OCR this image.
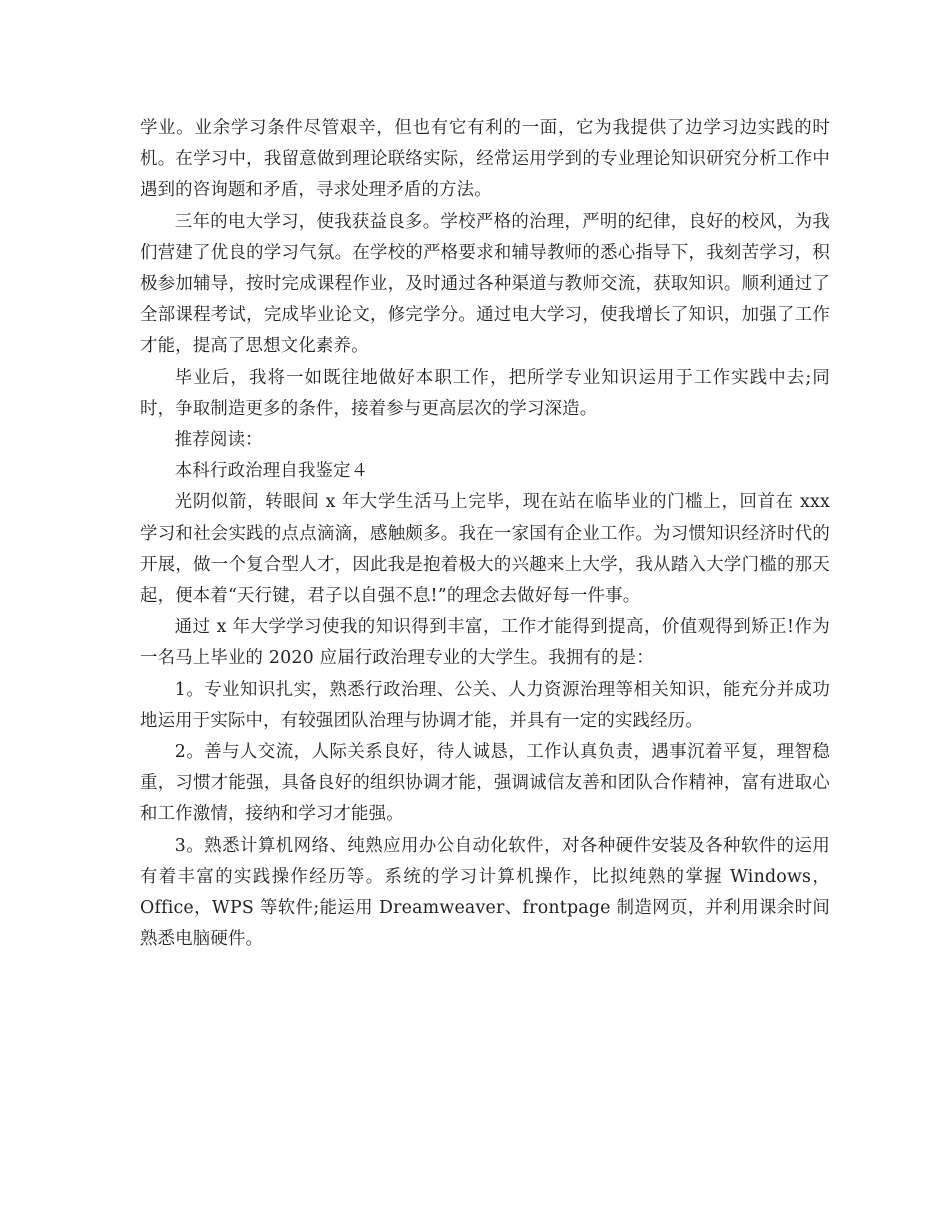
学业。业余学习条件尽管艰辛，但也有它有利的一面，它为我提供了边学习边实践的时机。在学习中，我留意做到理论联络实际，经常运用学到的专业理论知识研究分析工作中遇到的咨询题和矛盾，寻求处理矛盾的方法。

三年的电大学习，使我获益良多。学校严格的治理，严明的纪律，良好的校风，为我们营建了优良的学习气氛。在学校的严格要求和辅导教师的悉心指导下，我刻苦学习，积极参加辅导，按时完成课程作业，及时通过各种渠道与教师交流，获取知识。顺利通过了全部课程考试，完成毕业论文，修完学分。通过电大学习，使我增长了知识，加强了工作才能，提高了思想文化素养。

毕业后，我将一如既往地做好本职工作，把所学专业知识运用于工作实践中去;同时，争取制造更多的条件，接着参与更高层次的学习深造。

推荐阅读：

本科行政治理自我鉴定４

光阴似箭，转眼间 x 年大学生活马上完毕，现在站在临毕业的门槛上，回首在 xxx 学习和社会实践的点点滴滴，感触颇多。我在一家国有企业工作。为习惯知识经济时代的开展，做一个复合型人才，因此我是抱着极大的兴趣来上大学，我从踏入大学门槛的那天起，便本着“天行键，君子以自强不息!”的理念去做好每一件事。

通过 x 年大学学习使我的知识得到丰富，工作才能得到提高，价值观得到矫正!作为一名马上毕业的 2020 应届行政治理专业的大学生。我拥有的是：

1。专业知识扎实，熟悉行政治理、公关、人力资源治理等相关知识，能充分并成功地运用于实际中，有较强团队治理与协调才能，并具有一定的实践经历。

2。善与人交流，人际关系良好，待人诚恳，工作认真负责，遇事沉着平复，理智稳重，习惯才能强，具备良好的组织协调才能，强调诚信友善和团队合作精神，富有进取心和工作激情，接纳和学习才能强。

3。熟悉计算机网络、纯熟应用办公自动化软件，对各种硬件安装及各种软件的运用有着丰富的实践操作经历等。系统的学习计算机操作，比拟纯熟的掌握 Windows，Office，WPS 等软件;能运用 Dreamweaver、frontpage 制造网页，并利用课余时间熟悉电脑硬件。
